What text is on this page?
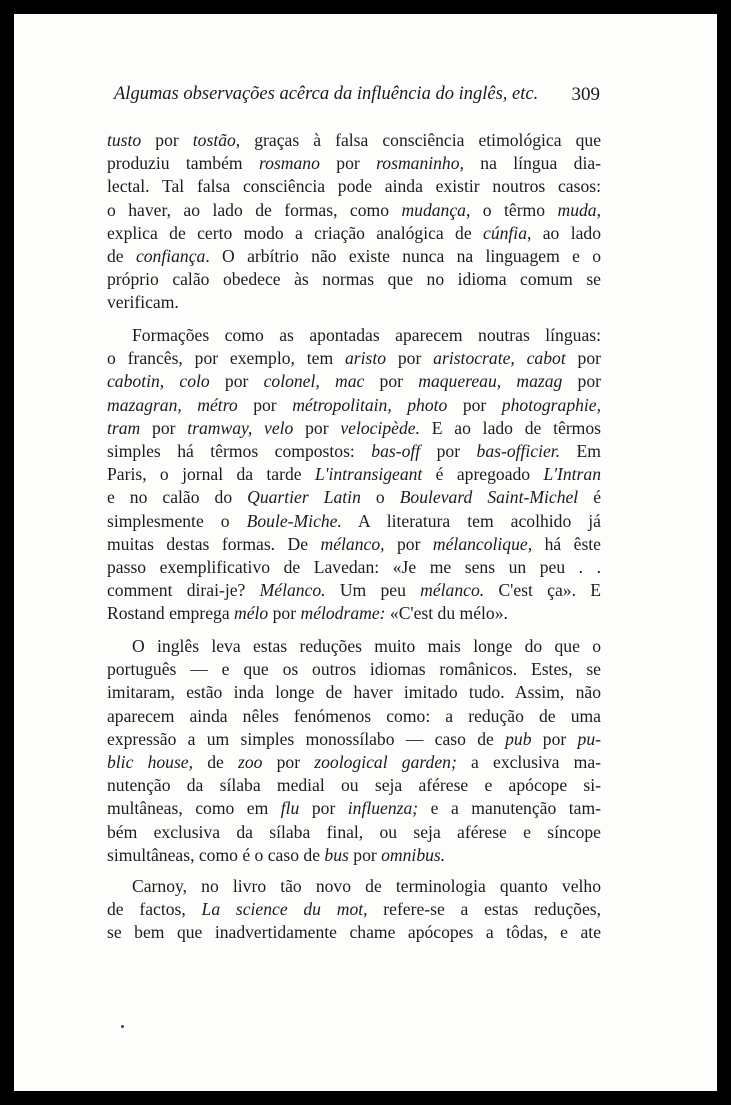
Algumas observações acêrca da influência do inglês, etc. 309
tusto por tostão, graças à falsa consciência etimológica que
produziu também rosmano por rosmaninho, na língua dia-
lectal. Tal falsa consciência pode ainda existir noutros casos:
o haver, ao lado de formas, como mudança, o têrmo muda,
explica de certo modo a criação analógica de cúnfia, ao lado
de confiança. O arbítrio não existe nunca na linguagem e o
próprio calão obedece às normas que no idioma comum se
verificam.
Formações como as apontadas aparecem noutras línguas:
o francês, por exemplo, tem aristo por aristocrate, cabot por
cabotin, colo por colonel, mac por maquereau, mazag por
mazagran, métro por métropolitain, photo por photographie,
tram por tramway, velo por velocipède. E ao lado de têrmos
simples há têrmos compostos: bas-off por bas-officier. Em
Paris, o jornal da tarde L'intransigeant é apregoado L'Intran
e no calão do Quartier Latin o Boulevard Saint-Michel é
simplesmente o Boule-Miche. A literatura tem acolhido já
muitas destas formas. De mélanco, por mélancolique, há êste
passo exemplificativo de Lavedan: «Je me sens un peu . .
comment dirai-je? Mélanco. Um peu mélanco. C'est ça». E
Rostand emprega mélo por mélodrame: «C'est du mélo».
O inglês leva estas reduções muito mais longe do que o
português — e que os outros idiomas românicos. Estes, se
imitaram, estão inda longe de haver imitado tudo. Assim, não
aparecem ainda nêles fenómenos como: a redução de uma
expressão a um simples monossílabo — caso de pub por pu-
blic house, de zoo por zoological garden; a exclusiva ma-
nutenção da sílaba medial ou seja aférese e apócope si-
multâneas, como em flu por influenza; e a manutenção tam-
bém exclusiva da sílaba final, ou seja aférese e síncope
simultâneas, como é o caso de bus por omnibus.
Carnoy, no livro tão novo de terminologia quanto velho
de factos, La science du mot, refere-se a estas reduções,
se bem que inadvertidamente chame apócopes a tôdas, e ate
